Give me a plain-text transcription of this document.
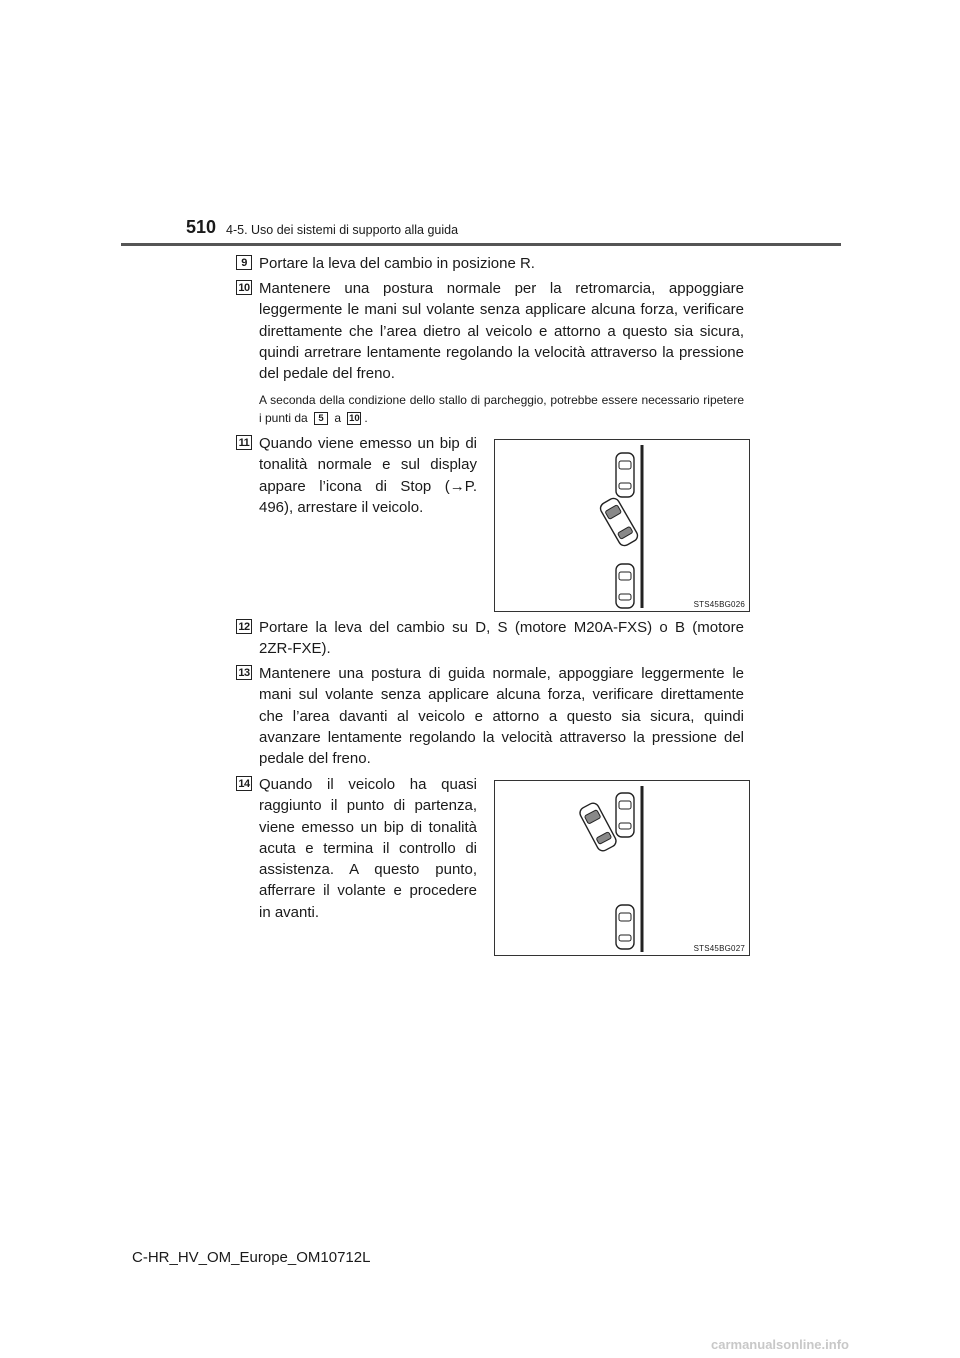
510 4-5. Uso dei sistemi di supporto alla guida
9 Portare la leva del cambio in posizione R.
10 Mantenere una postura normale per la retromarcia, appoggiare leggermente le mani sul volante senza applicare alcuna forza, verificare direttamente che l’area dietro al veicolo e attorno a questo sia sicura, quindi arretrare lentamente regolando la velocità attraverso la pressione del pedale del freno.
A seconda della condizione dello stallo di parcheggio, potrebbe essere necessario ripetere i punti da 5 a 10 .
11 Quando viene emesso un bip di tonalità normale e sul display appare l’icona di Stop (→P. 496), arrestare il veicolo.
STS45BG026
12 Portare la leva del cambio su D, S (motore M20A-FXS) o B (motore 2ZR-FXE).
13 Mantenere una postura di guida normale, appoggiare leggermente le mani sul volante senza applicare alcuna forza, verificare direttamente che l’area davanti al veicolo e attorno a questo sia sicura, quindi avanzare lentamente regolando la velocità attraverso la pressione del pedale del freno.
14 Quando il veicolo ha quasi raggiunto il punto di partenza, viene emesso un bip di tonalità acuta e termina il controllo di assistenza. A questo punto, afferrare il volante e procedere in avanti.
STS45BG027
C-HR_HV_OM_Europe_OM10712L
carmanualsonline.info
